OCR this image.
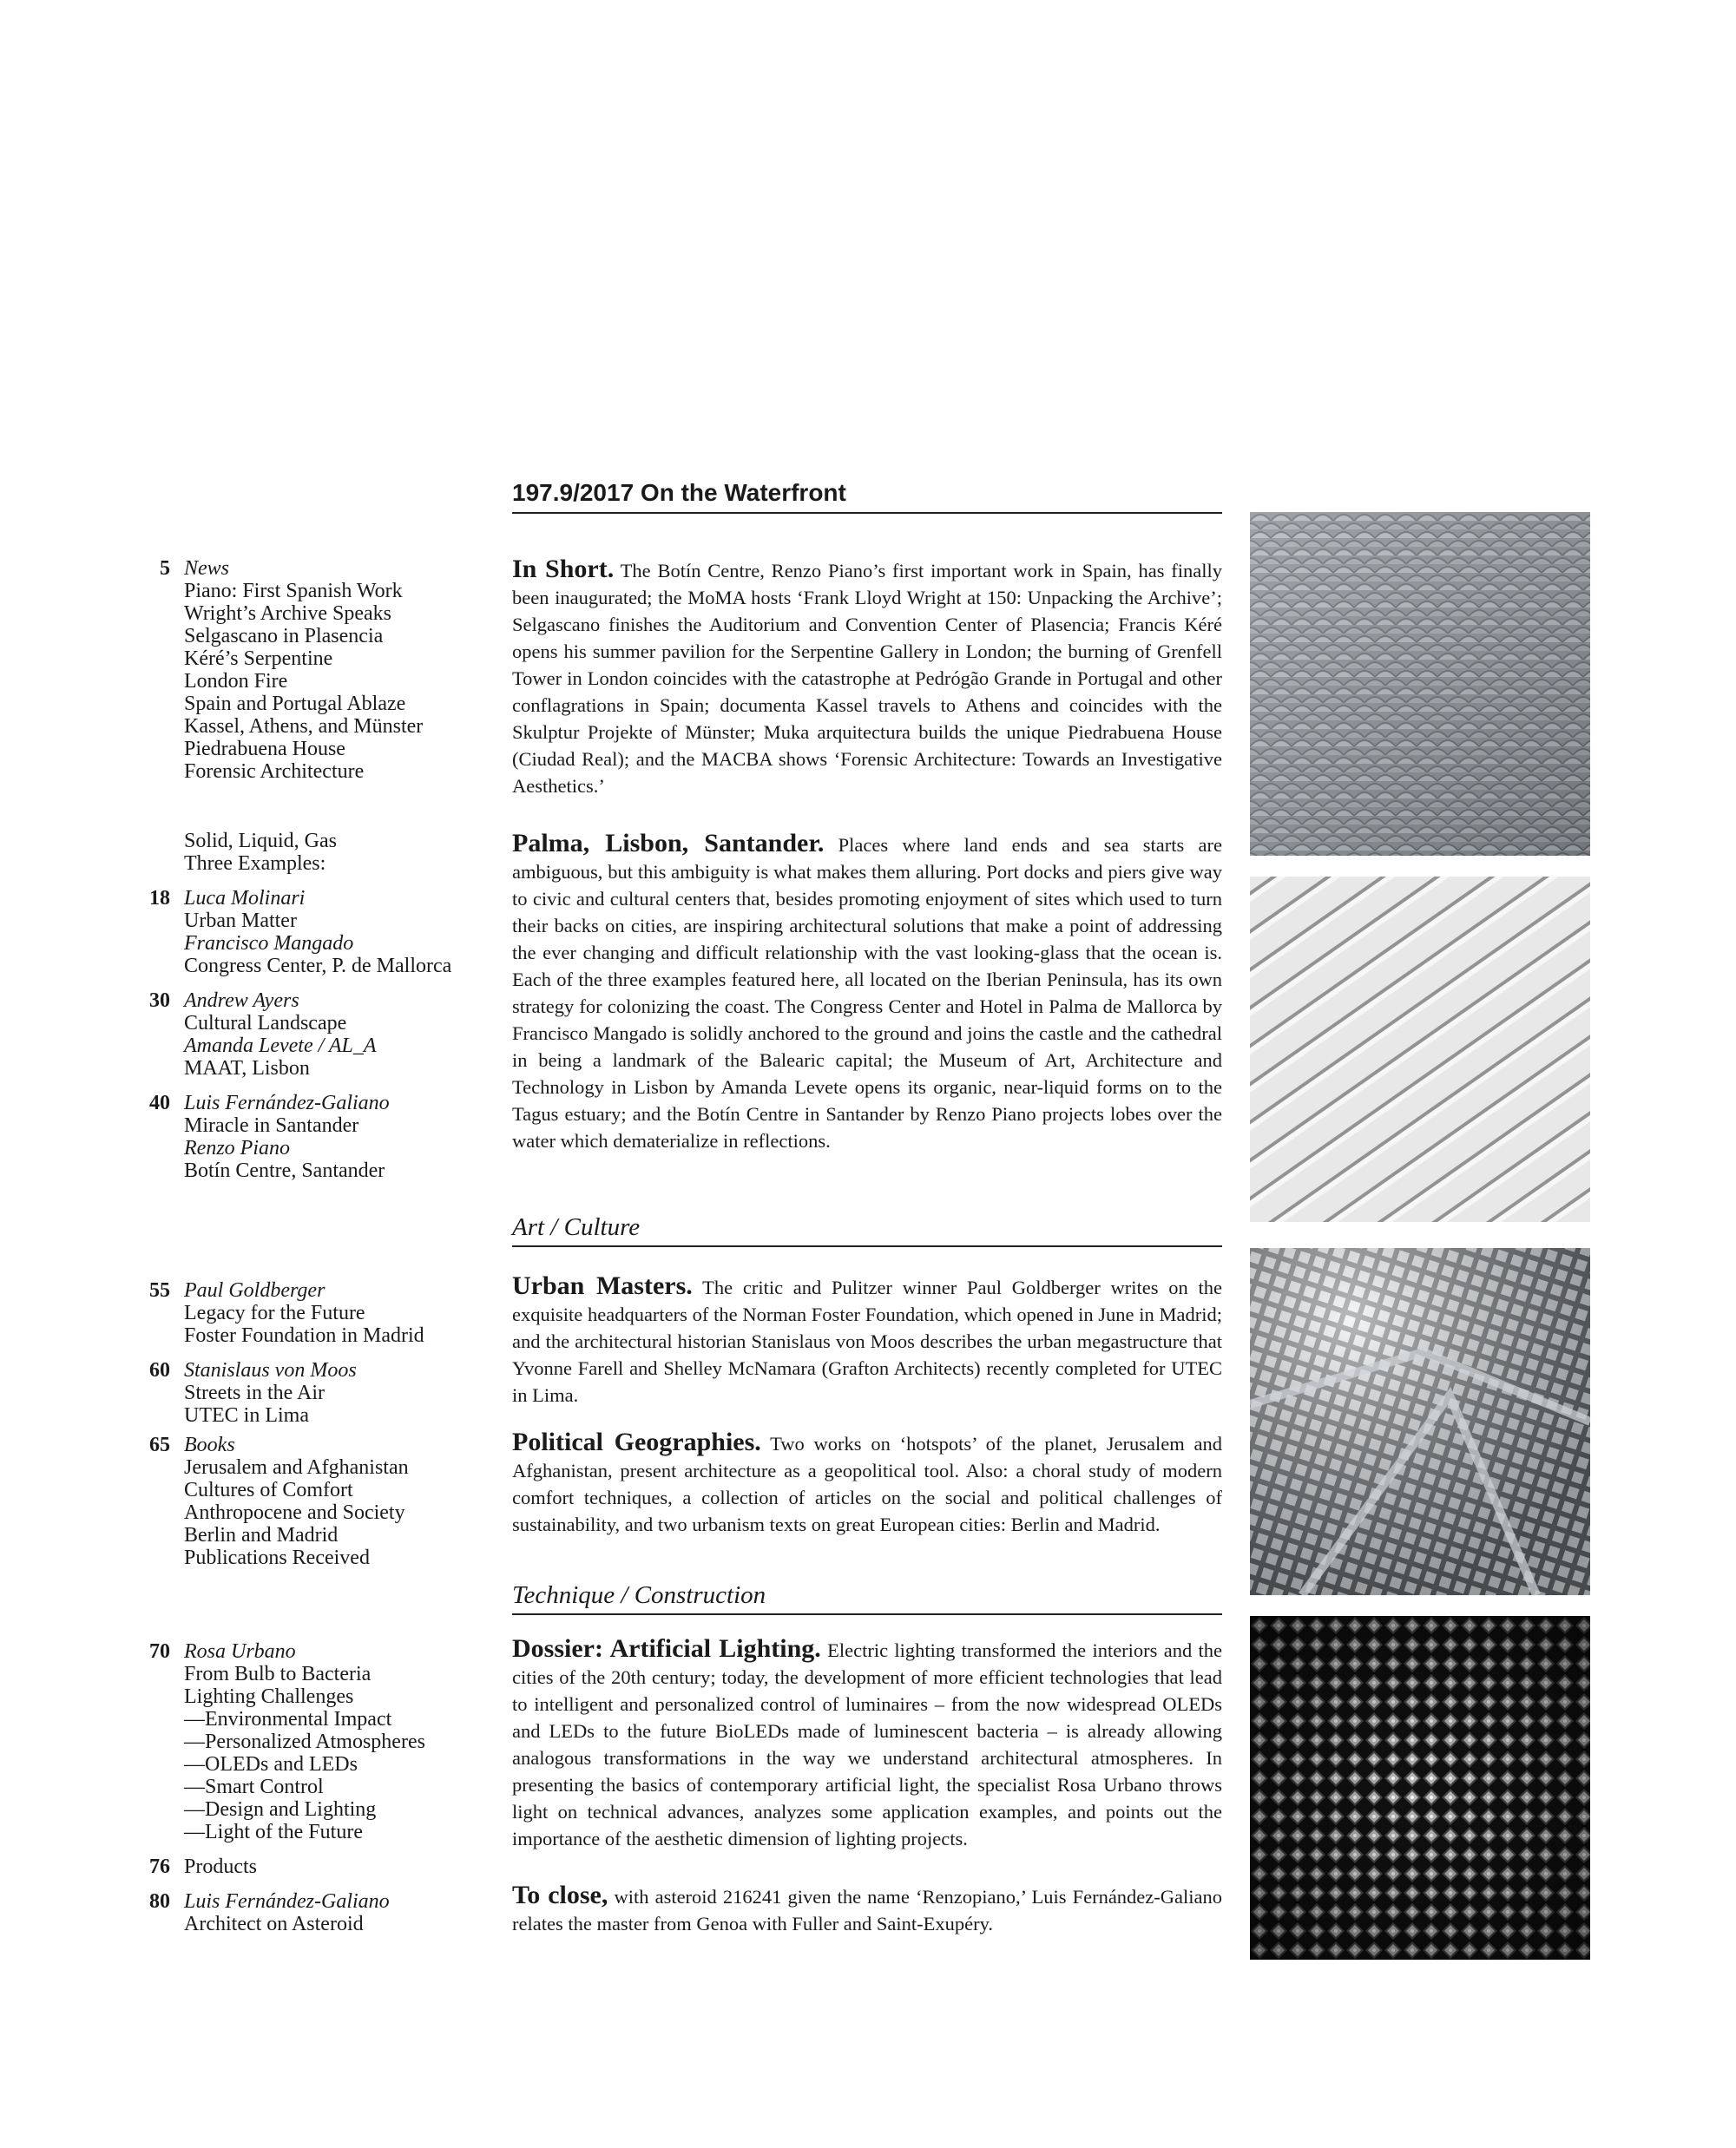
197.9/2017 On the Waterfront
5 News
Piano: First Spanish Work
Wright’s Archive Speaks
Selgascano in Plasencia
Kéré’s Serpentine
London Fire
Spain and Portugal Ablaze
Kassel, Athens, and Münster
Piedrabuena House
Forensic Architecture
Solid, Liquid, Gas
Three Examples:
18 Luca Molinari
Urban Matter
Francisco Mangado
Congress Center, P. de Mallorca
30 Andrew Ayers
Cultural Landscape
Amanda Levete / AL_A
MAAT, Lisbon
40 Luis Fernández-Galiano
Miracle in Santander
Renzo Piano
Botín Centre, Santander
55 Paul Goldberger
Legacy for the Future
Foster Foundation in Madrid
60 Stanislaus von Moos
Streets in the Air
UTEC in Lima
65 Books
Jerusalem and Afghanistan
Cultures of Comfort
Anthropocene and Society
Berlin and Madrid
Publications Received
70 Rosa Urbano
From Bulb to Bacteria
Lighting Challenges
—Environmental Impact
—Personalized Atmospheres
—OLEDs and LEDs
—Smart Control
—Design and Lighting
—Light of the Future
76 Products
80 Luis Fernández-Galiano
Architect on Asteroid

In Short. The Botín Centre, Renzo Piano’s first important work in Spain, has finally been inaugurated; the MoMA hosts ‘Frank Lloyd Wright at 150: Unpacking the Archive’; Selgascano finishes the Auditorium and Convention Center of Plasencia; Francis Kéré opens his summer pavilion for the Serpentine Gallery in London; the burning of Grenfell Tower in London coincides with the catastrophe at Pedrógão Grande in Portugal and other conflagrations in Spain; documenta Kassel travels to Athens and coincides with the Skulptur Projekte of Münster; Muka arquitectura builds the unique Piedrabuena House (Ciudad Real); and the MACBA shows ‘Forensic Architecture: Towards an Investigative Aesthetics.’

Palma, Lisbon, Santander. Places where land ends and sea starts are ambiguous, but this ambiguity is what makes them alluring. Port docks and piers give way to civic and cultural centers that, besides promoting enjoyment of sites which used to turn their backs on cities, are inspiring architectural solutions that make a point of addressing the ever changing and difficult relationship with the vast looking-glass that the ocean is. Each of the three examples featured here, all located on the Iberian Peninsula, has its own strategy for colonizing the coast. The Congress Center and Hotel in Palma de Mallorca by Francisco Mangado is solidly anchored to the ground and joins the castle and the cathedral in being a landmark of the Balearic capital; the Museum of Art, Architecture and Technology in Lisbon by Amanda Levete opens its organic, near-liquid forms on to the Tagus estuary; and the Botín Centre in Santander by Renzo Piano projects lobes over the water which dematerialize in reflections.

Art / Culture

Urban Masters. The critic and Pulitzer winner Paul Goldberger writes on the exquisite headquarters of the Norman Foster Foundation, which opened in June in Madrid; and the architectural historian Stanislaus von Moos describes the urban megastructure that Yvonne Farell and Shelley McNamara (Grafton Architects) recently completed for UTEC in Lima.

Political Geographies. Two works on ‘hotspots’ of the planet, Jerusalem and Afghanistan, present architecture as a geopolitical tool. Also: a choral study of modern comfort techniques, a collection of articles on the social and political challenges of sustainability, and two urbanism texts on great European cities: Berlin and Madrid.

Technique / Construction

Dossier: Artificial Lighting. Electric lighting transformed the interiors and the cities of the 20th century; today, the development of more efficient technologies that lead to intelligent and personalized control of luminaires – from the now widespread OLEDs and LEDs to the future BioLEDs made of luminescent bacteria – is already allowing analogous transformations in the way we understand architectural atmospheres. In presenting the basics of contemporary artificial light, the specialist Rosa Urbano throws light on technical advances, analyzes some application examples, and points out the importance of the aesthetic dimension of lighting projects.

To close, with asteroid 216241 given the name ‘Renzopiano,’ Luis Fernández-Galiano relates the master from Genoa with Fuller and Saint-Exupéry.
